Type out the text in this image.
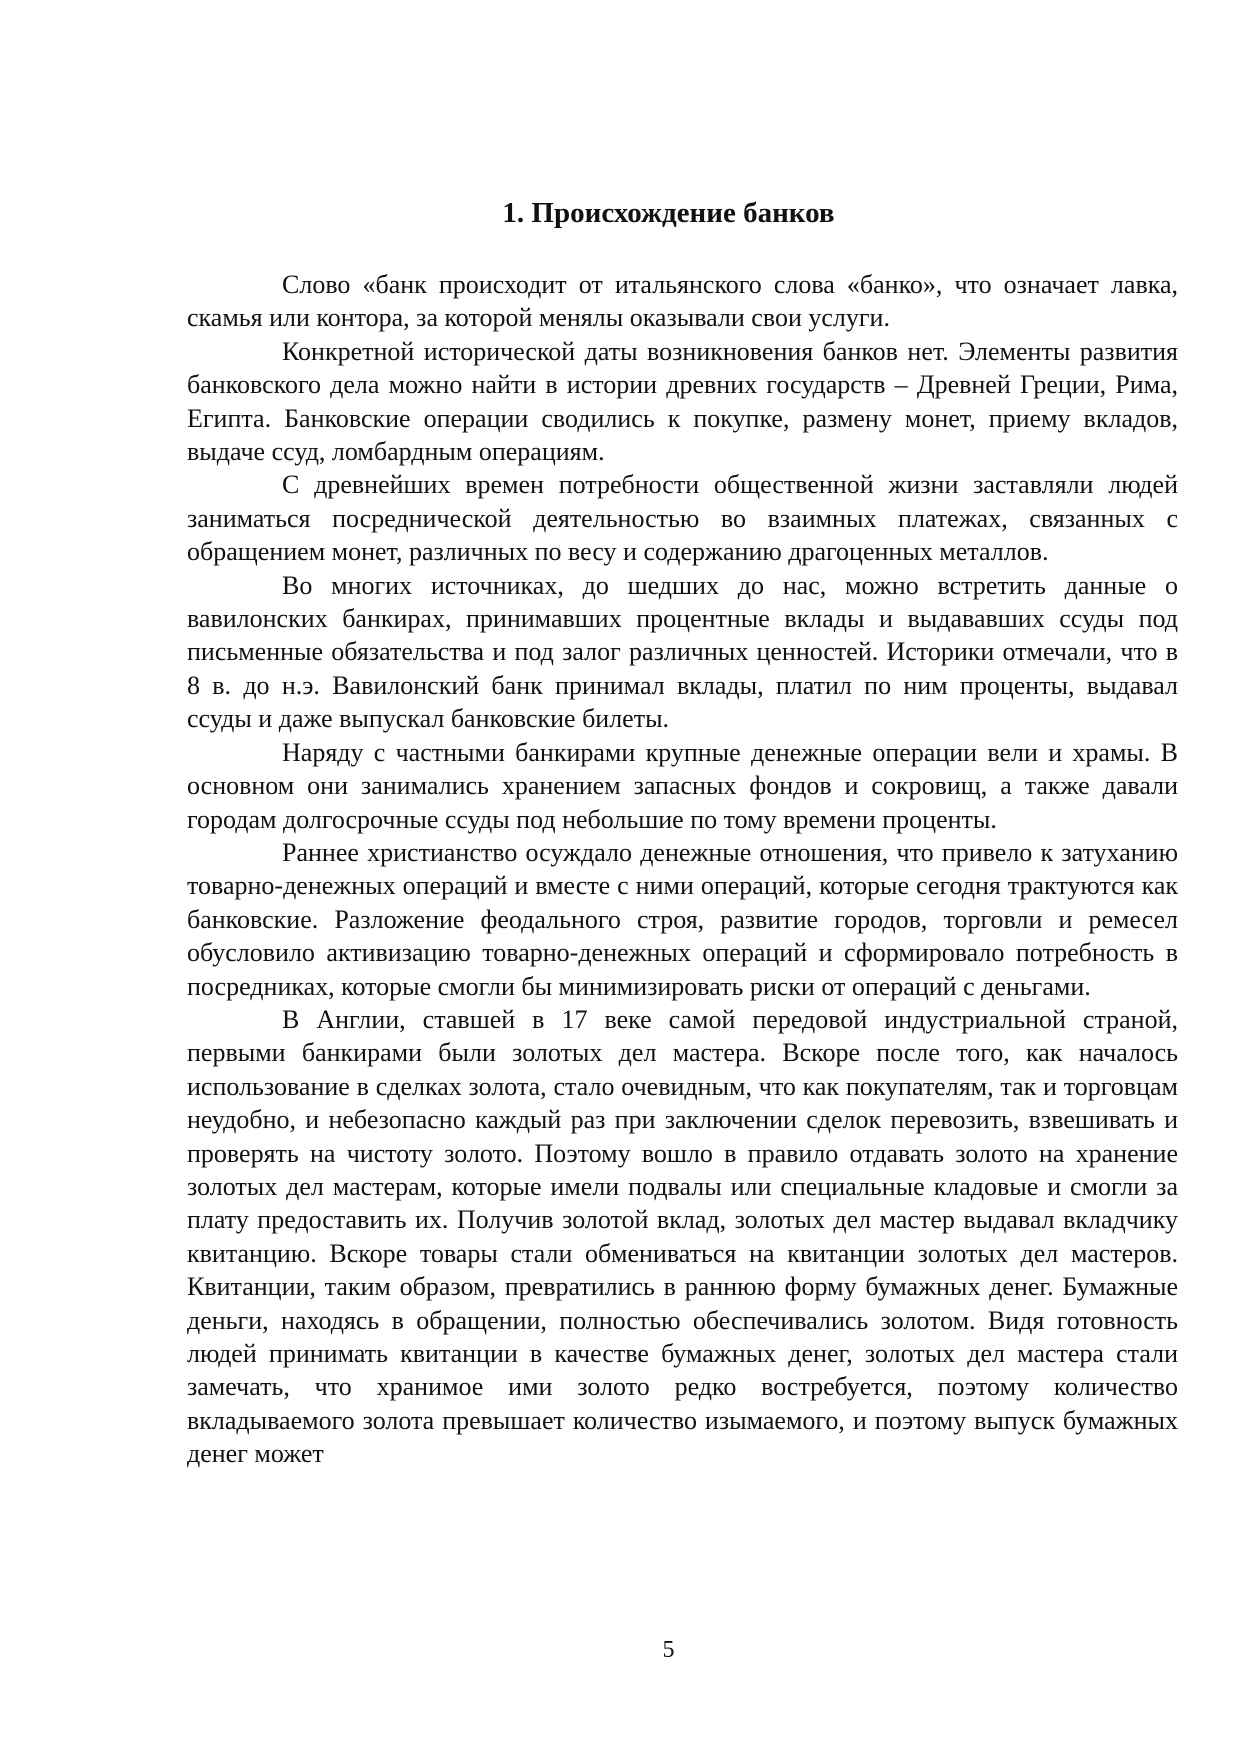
1. Происхождение банков

Слово «банк происходит от итальянского слова «банко», что означает лавка, скамья или контора, за которой менялы оказывали свои услуги.

Конкретной исторической даты возникновения банков нет. Элементы развития банковского дела можно найти в истории древних государств – Древней Греции, Рима, Египта. Банковские операции сводились к покупке, размену монет, приему вкладов, выдаче ссуд, ломбардным операциям.

С древнейших времен потребности общественной жизни заставляли людей заниматься посреднической деятельностью во взаимных платежах, связанных с обращением монет, различных по весу и содержанию драгоценных металлов.

Во многих источниках, до шедших до нас, можно встретить данные о вавилонских банкирах, принимавших процентные вклады и выдававших ссуды под письменные обязательства и под залог различных ценностей. Историки отмечали, что в 8 в. до н.э. Вавилонский банк принимал вклады, платил по ним проценты, выдавал ссуды и даже выпускал банковские билеты.

Наряду с частными банкирами крупные денежные операции вели и храмы. В основном они занимались хранением запасных фондов и сокровищ, а также давали городам долгосрочные ссуды под небольшие по тому времени проценты.

Раннее христианство осуждало денежные отношения, что привело к затуханию товарно-денежных операций и вместе с ними операций, которые сегодня трактуются как банковские. Разложение феодального строя, развитие городов, торговли и ремесел обусловило активизацию товарно-денежных операций и сформировало потребность в посредниках, которые смогли бы минимизировать риски от операций с деньгами.

В Англии, ставшей в 17 веке самой передовой индустриальной страной, первыми банкирами были золотых дел мастера. Вскоре после того, как началось использование в сделках золота, стало очевидным, что как покупателям, так и торговцам неудобно, и небезопасно каждый раз при заключении сделок перевозить, взвешивать и проверять на чистоту золото. Поэтому вошло в правило отдавать золото на хранение золотых дел мастерам, которые имели подвалы или специальные кладовые и смогли за плату предоставить их. Получив золотой вклад, золотых дел мастер выдавал вкладчику квитанцию. Вскоре товары стали обмениваться на квитанции золотых дел мастеров. Квитанции, таким образом, превратились в раннюю форму бумажных денег. Бумажные деньги, находясь в обращении, полностью обеспечивались золотом. Видя готовность людей принимать квитанции в качестве бумажных денег, золотых дел мастера стали замечать, что хранимое ими золото редко востребуется, поэтому количество вкладываемого золота превышает количество изымаемого, и поэтому выпуск бумажных денег может

5
